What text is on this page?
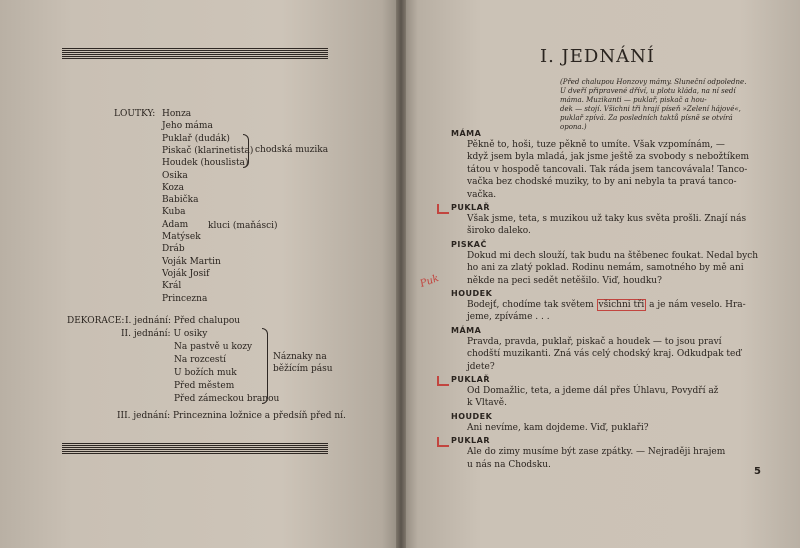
LOUTKY: Honza
Jeho máma
Puklař (dudák)
Piskač (klarinetista)
Houdek (houslista)
Osika
Koza
Babička
Kuba
Adam
Matýsek
Dráb
Voják Martin
Voják Josif
Král
Princezna
chodská muzika
kluci (maňásci)
DEKORACE: I. jednání: Před chalupou
II. jednání: U osiky
Na pastvě u kozy
Na rozcestí
U božích muk
Před městem
Před zámeckou branou
Náznaky na
běžícím pásu
III. jednání: Princeznina ložnice a předsíň před ní.
I. JEDNÁNÍ
(Před chalupou Honzovy mámy. Sluneční odpoledne.
U dveří připravené dříví, u plotu kláda, na ní sedí
máma. Muzikanti — puklař, piskač a hou-
dek — stojí. Všichni tři hrají píseň »Zelení hájové«,
puklař zpívá. Za posledních taktů písně se otvírá
opona.)
MÁMA
Pěkně to, hoši, tuze pěkně to umíte. Však vzpomínám, —
když jsem byla mladá, jak jsme ještě za svobody s nebožtíkem
tátou v hospodě tancovali. Tak ráda jsem tancovávala! Tanco-
vačka bez chodské muziky, to by ani nebyla ta pravá tanco-
vačka.
PUKLAŘ
Však jsme, teta, s muzikou už taky kus světa prošli. Znají nás
široko daleko.
PISKAČ
Dokud mi dech slouží, tak budu na štěbenec foukat. Nedal bych
ho ani za zlatý poklad. Rodinu nemám, samotného by mě ani
někde na peci sedět netěšilo. Viď, houdku?
HOUDEK
Bodejť, chodíme tak světem všichni tři a je nám veselo. Hra-
jeme, zpíváme . . .
MÁMA
Pravda, pravda, puklař, piskač a houdek — to jsou praví
chodští muzikanti. Zná vás celý chodský kraj. Odkudpak teď
jdete?
PUKLAŘ
Od Domažlic, teta, a jdeme dál přes Úhlavu, Povydří až
k Vltavě.
HOUDEK
Ani nevíme, kam dojdeme. Viď, puklaři?
PUKLAR
Ale do zimy musíme být zase zpátky. — Nejraději hrajem
u nás na Chodsku.
Puk
5
